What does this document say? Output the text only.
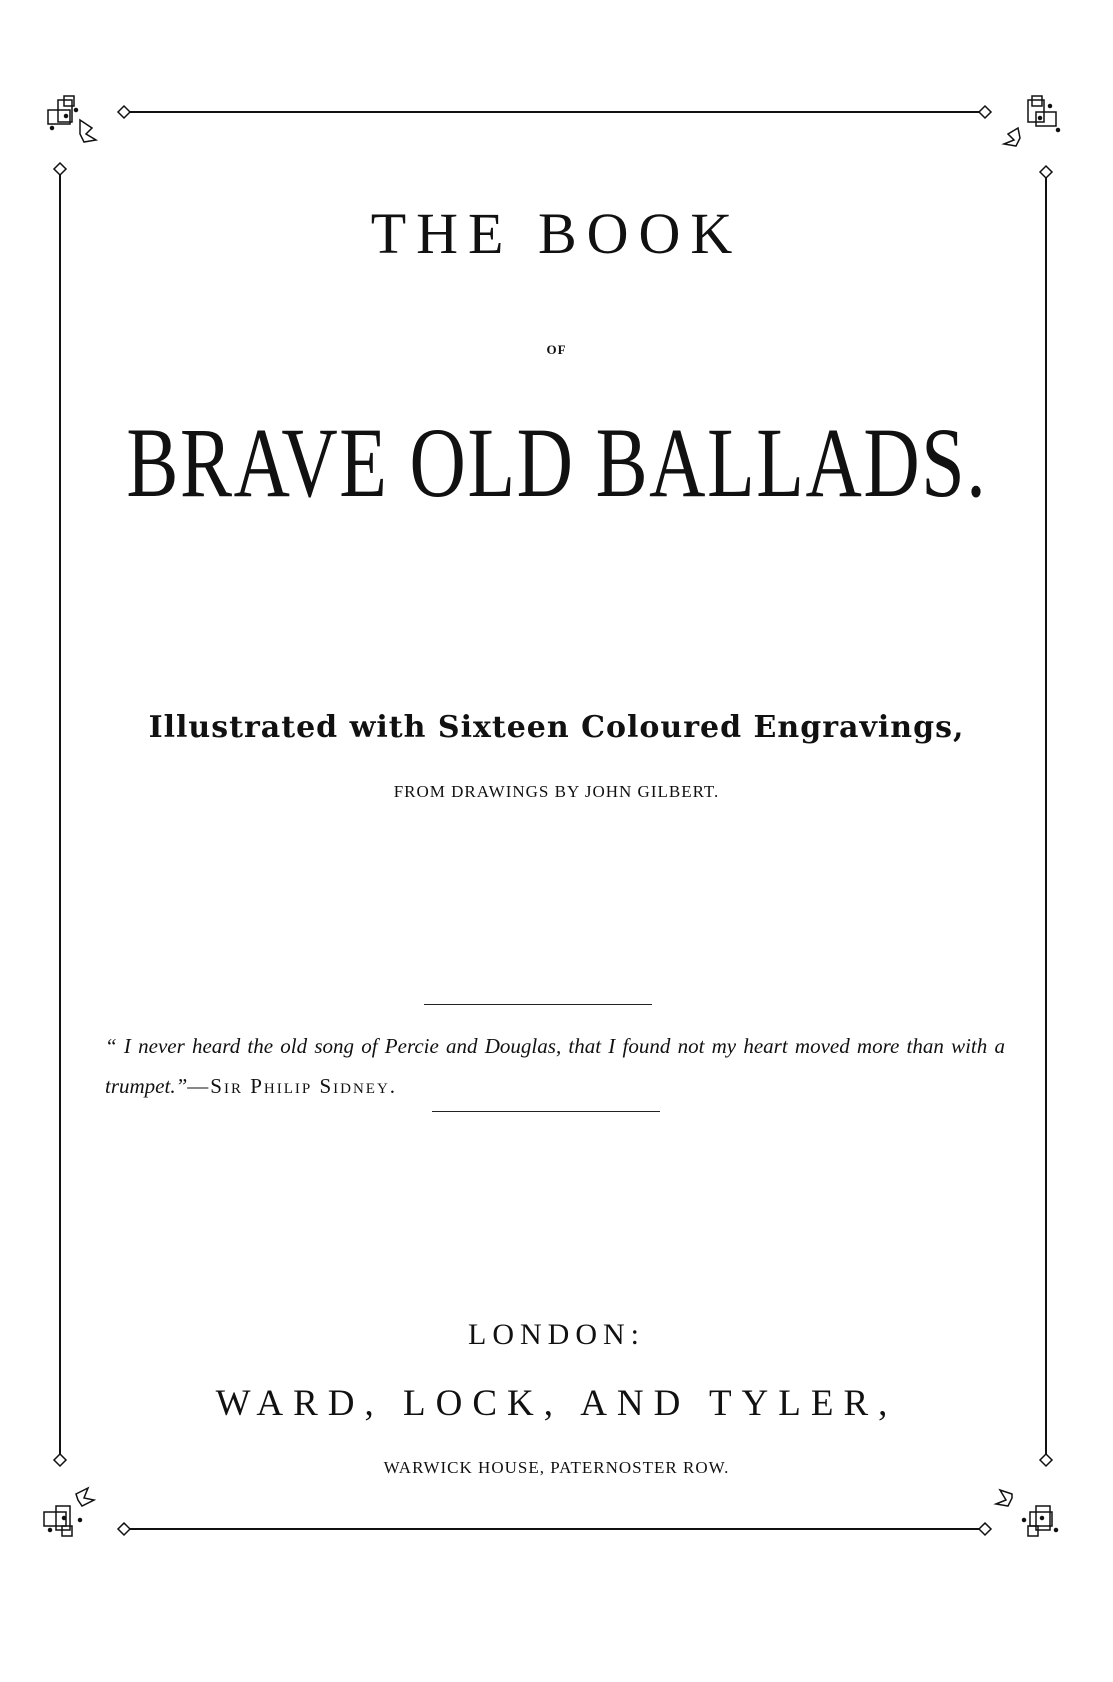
THE BOOK
OF
BRAVE OLD BALLADS.
Illustrated with Sixteen Coloured Engravings,
FROM DRAWINGS BY JOHN GILBERT.
“ I never heard the old song of Percie and Douglas, that I found not my heart moved more than with a trumpet.”—Sir Philip Sidney.
LONDON:
WARD, LOCK, AND TYLER,
WARWICK HOUSE, PATERNOSTER ROW.
